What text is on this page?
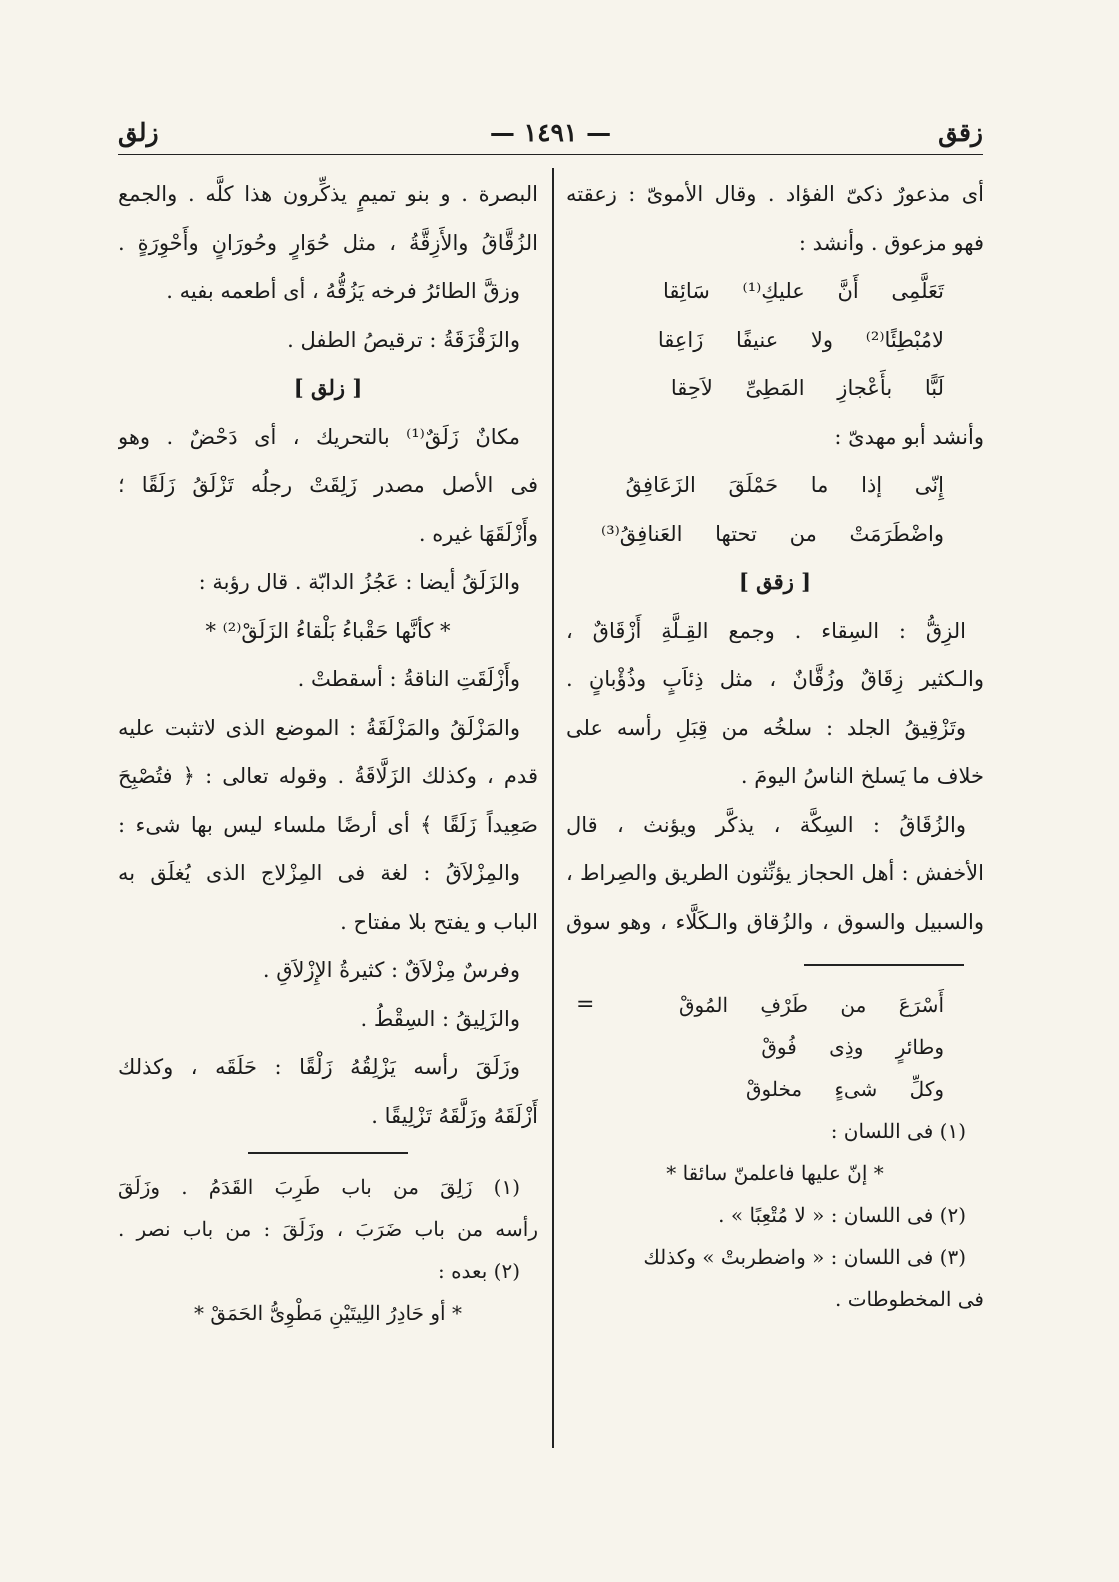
زقق
— ١٤٩١ —
زلق
أى مذعورٌ ذكىّ الفؤاد . وقال الأموىّ : زعقته
فهو مزعوق . وأنشد :
تَعَلَّمِى أَنَّ عليكِ⁽¹⁾ سَائِقا
لامُبْطِئًا⁽²⁾ ولا عنيفًا زَاعِقا
لَبًّا بأَعْجازِ المَطِىِّ لاَحِقا
وأنشد أبو مهدىّ :
إِنّى إذا ما حَمْلَقَ الزَعَافِقُ
واضْطَرَمَتْ من تحتها العَنافِقُ⁽³⁾
[ زقق ]
الزِقُّ : السِقاء . وجمع القِـلَّةِ أَزْقَاقٌ ،
والـكثير زِقَاقٌ وزُقَّانٌ ، مثل ذِئاَبٍ وذُؤْبانٍ .
وتَزْقِيقُ الجلد : سلخُه من قِبَلِ رأسه على
خلاف ما يَسلخ الناسُ اليومَ .
والزُقَاقُ : السِكَّة ، يذكَّر ويؤنث ، قال
الأخفش : أهل الحجاز يؤنِّثون الطريق والصِراط ،
والسبيل والسوق ، والزُقاق والـكَلَّاء ، وهو سوق
أَسْرَعَ من طَرْفِ المُوقْ
=
وطائرٍ وذِى فُوقْ
وكلِّ شىءٍ مخلوقْ
(١) فى اللسان :
* إنّ عليها فاعلمنّ سائقا *
(٢) فى اللسان : « لا مُتْعِبًا » .
(٣) فى اللسان : « واضطربتْ » وكذلك
فى المخطوطات .
البصرة . و بنو تميمٍ يذكِّرون هذا كلَّه . والجمع
الزُقَّاقُ والأَزِقَّةُ ، مثل حُوَارٍ وحُورَانٍ وأَحْوِرَةٍ .
وزقَّ الطائرُ فرخه يَزُقُّهُ ، أى أطعمه بفيه .
والزَقْزَقَةُ : ترقيصُ الطفل .
[ زلق ]
مكانٌ زَلَقٌ⁽¹⁾ بالتحريك ، أى دَحْضٌ . وهو
فى الأصل مصدر زَلِقَتْ رجلُه تَزْلَقُ زَلَقًا ؛
وأَزْلَقَهَا غيره .
والزَلَقُ أيضا : عَجُزُ الدابّة . قال رؤبة :
* كأنَّها حَقْباءُ بَلْقاءُ الزَلَقْ⁽²⁾ *
وأَزْلَقَتِ الناقةُ : أسقطتْ .
والمَزْلَقُ والمَزْلَقَةُ : الموضع الذى لاتثبت عليه
قدم ، وكذلك الزَلَّاقَةُ . وقوله تعالى : ﴿ فتُصْبِحَ
صَعِيداً زَلَقًا ﴾ أى أرضًا ملساء ليس بها شىء :
والمِزْلاَقُ : لغة فى المِزْلاج الذى يُغلَق به
الباب و يفتح بلا مفتاح .
وفرسٌ مِزْلاَقٌ : كثيرةُ الإِزْلاَقِ .
والزَلِيقُ : السِقْطُ .
وزَلَقَ رأسه يَزْلِقُهُ زَلْقًا : حَلَقَه ، وكذلك
أَزْلَقَهُ وزَلَّقَهُ تَزْلِيقًا .
(١) زَلِقَ من باب طَرِبَ القَدَمُ . وزَلَقَ
رأسه من باب ضَرَبَ ، وزَلَقَ : من باب نصر .
(٢) بعده :
* أو حَادِرُ اللِيتَيْنِ مَطْوِىُّ الحَمَقْ *
